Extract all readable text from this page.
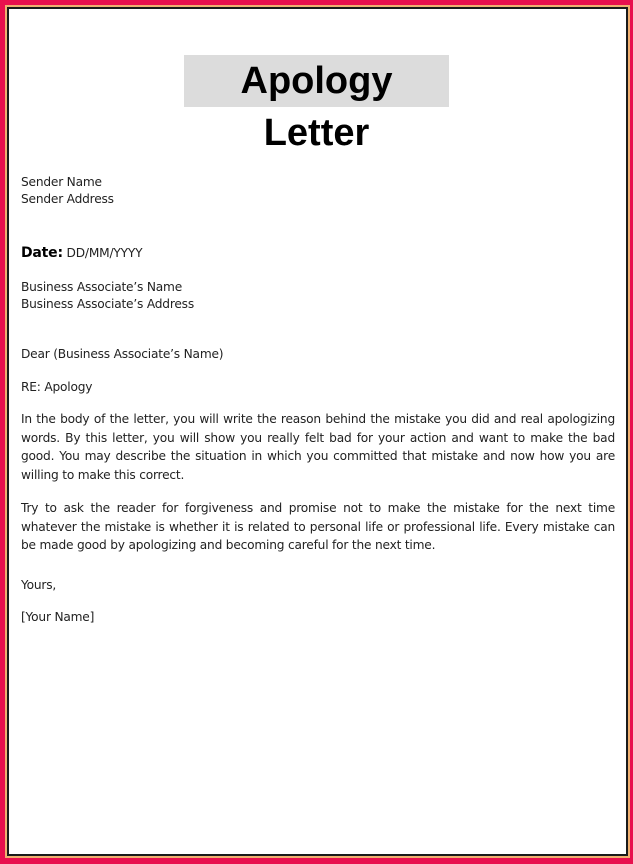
Apology Letter
Sender Name
Sender Address
Date: DD/MM/YYYY
Business Associate’s Name
Business Associate’s Address
Dear (Business Associate’s Name)
RE: Apology
In the body of the letter, you will write the reason behind the mistake you did and real apologizing words. By this letter, you will show you really felt bad for your action and want to make the bad good. You may describe the situation in which you committed that mistake and now how you are willing to make this correct.
Try to ask the reader for forgiveness and promise not to make the mistake for the next time whatever the mistake is whether it is related to personal life or professional life. Every mistake can be made good by apologizing and becoming careful for the next time.
Yours,
[Your Name]
